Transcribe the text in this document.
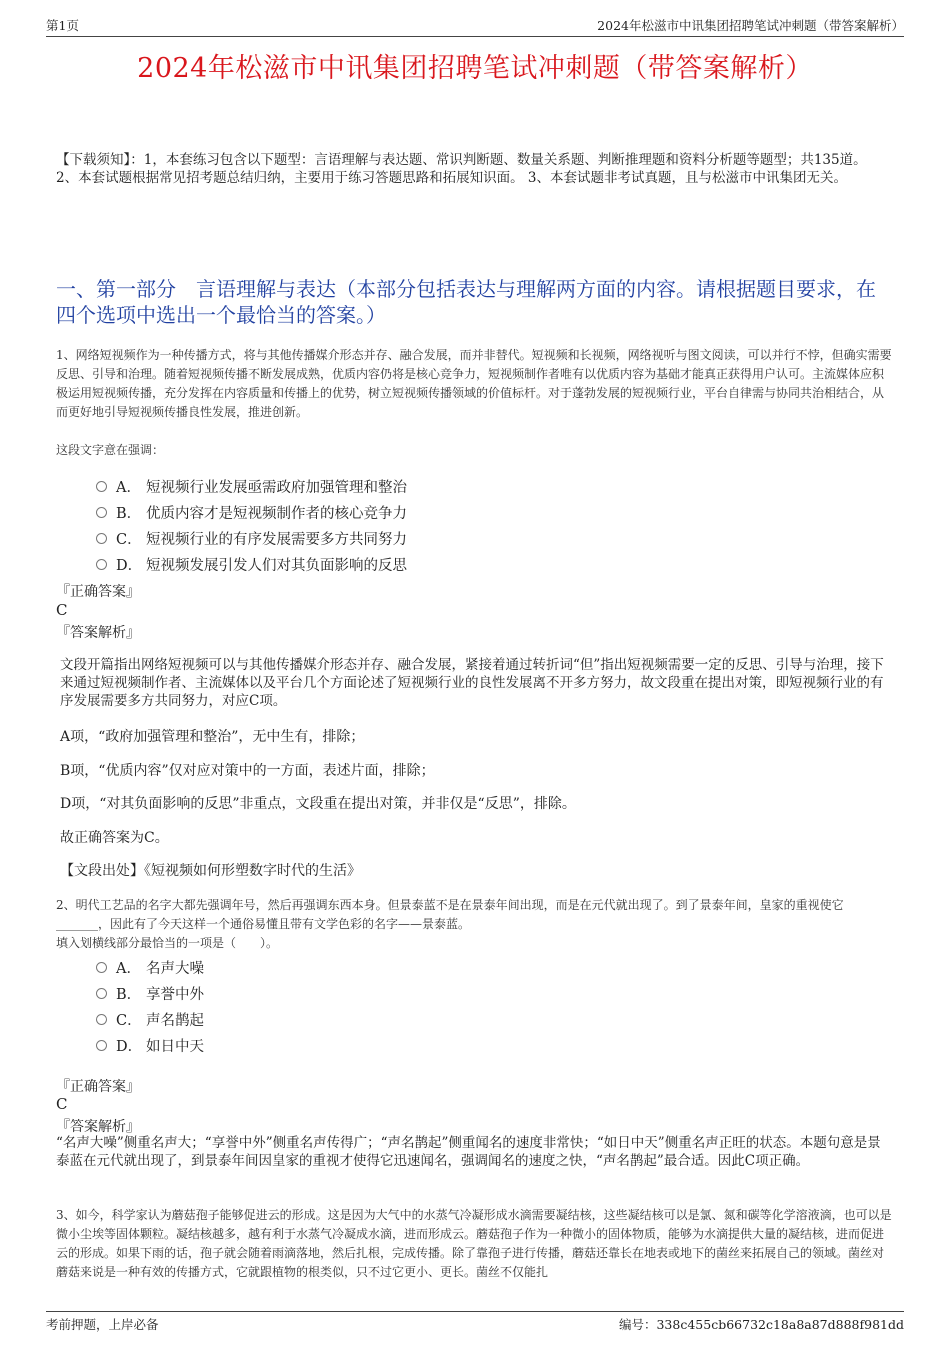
第1页	2024年松滋市中讯集团招聘笔试冲刺题（带答案解析）
2024年松滋市中讯集团招聘笔试冲刺题（带答案解析）
【下载须知】：1，本套练习包含以下题型：言语理解与表达题、常识判断题、数量关系题、判断推理题和资料分析题等题型；共135道。 2、本套试题根据常见招考题总结归纳，主要用于练习答题思路和拓展知识面。 3、本套试题非考试真题，且与松滋市中讯集团无关。
一、第一部分　言语理解与表达（本部分包括表达与理解两方面的内容。请根据题目要求，在四个选项中选出一个最恰当的答案。）
1、网络短视频作为一种传播方式，将与其他传播媒介形态并存、融合发展，而并非替代。短视频和长视频，网络视听与图文阅读，可以并行不悖，但确实需要反思、引导和治理。随着短视频传播不断发展成熟，优质内容仍将是核心竞争力，短视频制作者唯有以优质内容为基础才能真正获得用户认可。主流媒体应积极运用短视频传播，充分发挥在内容质量和传播上的优势，树立短视频传播领域的价值标杆。对于蓬勃发展的短视频行业，平台自律需与协同共治相结合，从而更好地引导短视频传播良性发展，推进创新。
这段文字意在强调：
A． 短视频行业发展亟需政府加强管理和整治
B． 优质内容才是短视频制作者的核心竞争力
C． 短视频行业的有序发展需要多方共同努力
D． 短视频发展引发人们对其负面影响的反思
『正确答案』
C
『答案解析』
文段开篇指出网络短视频可以与其他传播媒介形态并存、融合发展，紧接着通过转折词“但”指出短视频需要一定的反思、引导与治理，接下来通过短视频制作者、主流媒体以及平台几个方面论述了短视频行业的良性发展离不开多方努力，故文段重在提出对策，即短视频行业的有序发展需要多方共同努力，对应C项。
A项，“政府加强管理和整治”，无中生有，排除；
B项，“优质内容”仅对应对策中的一方面，表述片面，排除；
D项，“对其负面影响的反思”非重点，文段重在提出对策，并非仅是“反思”，排除。
故正确答案为C。
【文段出处】《短视频如何形塑数字时代的生活》
2、明代工艺品的名字大都先强调年号，然后再强调东西本身。但景泰蓝不是在景泰年间出现，而是在元代就出现了。到了景泰年间，皇家的重视使它_______，因此有了今天这样一个通俗易懂且带有文学色彩的名字——景泰蓝。
填入划横线部分最恰当的一项是（　　）。
A． 名声大噪
B． 享誉中外
C． 声名鹊起
D． 如日中天
『正确答案』
C
『答案解析』
“名声大噪”侧重名声大；“享誉中外”侧重名声传得广；“声名鹊起”侧重闻名的速度非常快；“如日中天”侧重名声正旺的状态。本题句意是景泰蓝在元代就出现了，到景泰年间因皇家的重视才使得它迅速闻名，强调闻名的速度之快，“声名鹊起”最合适。因此C项正确。
3、如今，科学家认为蘑菇孢子能够促进云的形成。这是因为大气中的水蒸气冷凝形成水滴需要凝结核，这些凝结核可以是氯、氮和碳等化学溶液滴，也可以是微小尘埃等固体颗粒。凝结核越多，越有利于水蒸气冷凝成水滴，进而形成云。蘑菇孢子作为一种微小的固体物质，能够为水滴提供大量的凝结核，进而促进云的形成。如果下雨的话，孢子就会随着雨滴落地，然后扎根，完成传播。除了靠孢子进行传播，蘑菇还靠长在地表或地下的菌丝来拓展自己的领域。菌丝对蘑菇来说是一种有效的传播方式，它就跟植物的根类似，只不过它更小、更长。菌丝不仅能扎
考前押题，上岸必备	编号：338c455cb66732c18a8a87d888f981dd
